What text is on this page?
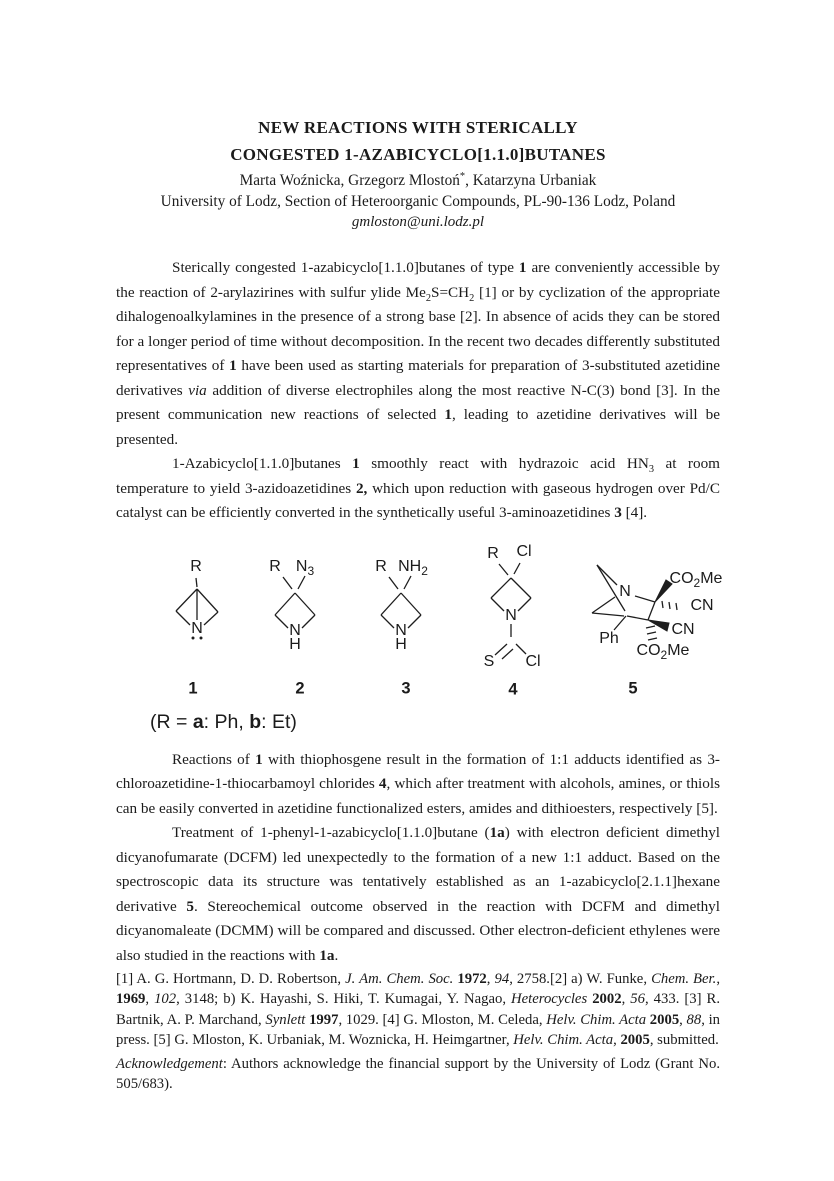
NEW REACTIONS WITH STERICALLY
CONGESTED 1-AZABICYCLO[1.1.0]BUTANES
Marta Woźnicka, Grzegorz Mlostoń*, Katarzyna Urbaniak
University of Lodz, Section of Heteroorganic Compounds, PL-90-136 Lodz, Poland
gmloston@uni.lodz.pl

Sterically congested 1-azabicyclo[1.1.0]butanes of type 1 are conveniently accessible by the reaction of 2-arylazirines with sulfur ylide $Me_2S=CH_2$ [1] or by cyclization of the appropriate dihalogenoalkylamines in the presence of a strong base [2]. In absence of acids they can be stored for a longer period of time without decomposition. In the recent two decades differently substituted representatives of 1 have been used as starting materials for preparation of 3-substituted azetidine derivatives via addition of diverse electrophiles along the most reactive N-C(3) bond [3]. In the present communication new reactions of selected 1, leading to azetidine derivatives will be presented.

1-Azabicyclo[1.1.0]butanes 1 smoothly react with hydrazoic acid $HN_3$ at room temperature to yield 3-azidoazetidines 2, which upon reduction with gaseous hydrogen over Pd/C catalyst can be efficiently converted in the synthetically useful 3-aminoazetidines 3 [4].

R
N
1
R $N_3$
N
H
2
R $NH_2$
N
H
3
R Cl
N
S Cl
4
N
$CO_2Me$
CN
CN
$CO_2Me$
Ph
5
(R = a: Ph, b: Et)

Reactions of 1 with thiophosgene result in the formation of 1:1 adducts identified as 3-chloroazetidine-1-thiocarbamoyl chlorides 4, which after treatment with alcohols, amines, or thiols can be easily converted in azetidine functionalized esters, amides and dithioesters, respectively [5].

Treatment of 1-phenyl-1-azabicyclo[1.1.0]butane (1a) with electron deficient dimethyl dicyanofumarate (DCFM) led unexpectedly to the formation of a new 1:1 adduct. Based on the spectroscopic data its structure was tentatively established as an 1-azabicyclo[2.1.1]hexane derivative 5. Stereochemical outcome observed in the reaction with DCFM and dimethyl dicyanomaleate (DCMM) will be compared and discussed. Other electron-deficient ethylenes were also studied in the reactions with 1a.

[1] A. G. Hortmann, D. D. Robertson, J. Am. Chem. Soc. 1972, 94, 2758.[2] a) W. Funke, Chem. Ber., 1969, 102, 3148; b) K. Hayashi, S. Hiki, T. Kumagai, Y. Nagao, Heterocycles 2002, 56, 433. [3] R. Bartnik, A. P. Marchand, Synlett 1997, 1029. [4] G. Mloston, M. Celeda, Helv. Chim. Acta 2005, 88, in press. [5] G. Mloston, K. Urbaniak, M. Woznicka, H. Heimgartner, Helv. Chim. Acta, 2005, submitted.

Acknowledgement: Authors acknowledge the financial support by the University of Lodz (Grant No. 505/683).
